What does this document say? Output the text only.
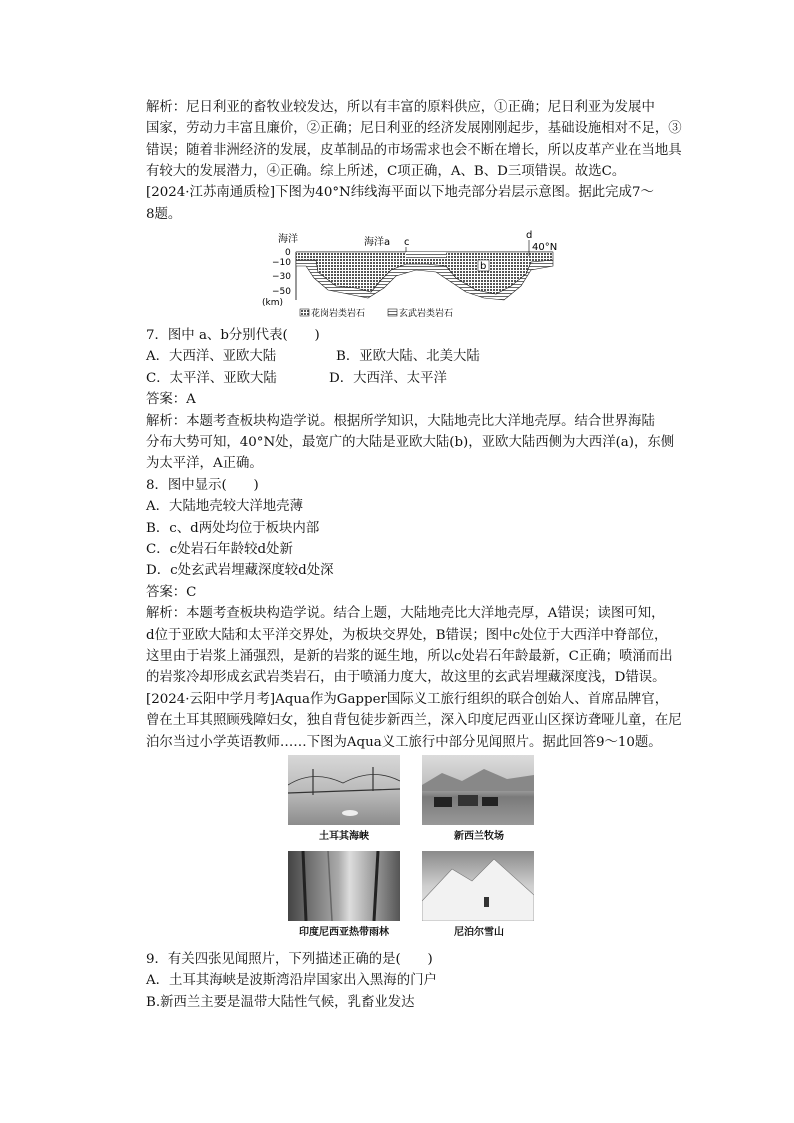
解析：尼日利亚的畜牧业较发达，所以有丰富的原料供应，①正确；尼日利亚为发展中
国家，劳动力丰富且廉价，②正确；尼日利亚的经济发展刚刚起步，基础设施相对不足，③
错误；随着非洲经济的发展，皮革制品的市场需求也会不断在增长，所以皮革产业在当地具
有较大的发展潜力，④正确。综上所述，C项正确，A、B、D三项错误。故选C。
[2024·江苏南通质检]下图为40°N纬线海平面以下地壳部分岩层示意图。据此完成7～
8题。
0
−10
−30
−50
(km)
b
海洋	海洋a c
d
40°N
花岗岩类岩石	玄武岩类岩石
7．图中 a、b分别代表(　　)
A．大西洋、亚欧大陆	B．亚欧大陆、北美大陆
C．太平洋、亚欧大陆	D．大西洋、太平洋
答案：A
解析：本题考查板块构造学说。根据所学知识，大陆地壳比大洋地壳厚。结合世界海陆
分布大势可知，40°N处，最宽广的大陆是亚欧大陆(b)，亚欧大陆西侧为大西洋(a)，东侧
为太平洋，A正确。
8．图中显示(　　)
A．大陆地壳较大洋地壳薄
B．c、d两处均位于板块内部
C．c处岩石年龄较d处新
D．c处玄武岩埋藏深度较d处深
答案：C
解析：本题考查板块构造学说。结合上题，大陆地壳比大洋地壳厚，A错误；读图可知，
d位于亚欧大陆和太平洋交界处，为板块交界处，B错误；图中c处位于大西洋中脊部位，
这里由于岩浆上涌强烈，是新的岩浆的诞生地，所以c处岩石年龄最新，C正确；喷涌而出
的岩浆冷却形成玄武岩类岩石，由于喷涌力度大，故这里的玄武岩埋藏深度浅，D错误。
[2024·云阳中学月考]Aqua作为Gapper国际义工旅行组织的联合创始人、首席品牌官，
曾在土耳其照顾残障妇女，独自背包徒步新西兰，深入印度尼西亚山区探访聋哑儿童，在尼
泊尔当过小学英语教师……下图为Aqua义工旅行中部分见闻照片。据此回答9～10题。
土耳其海峡	新西兰牧场
印度尼西亚热带雨林	尼泊尔雪山
9．有关四张见闻照片，下列描述正确的是(　　)
A．土耳其海峡是波斯湾沿岸国家出入黑海的门户
B.新西兰主要是温带大陆性气候，乳畜业发达
